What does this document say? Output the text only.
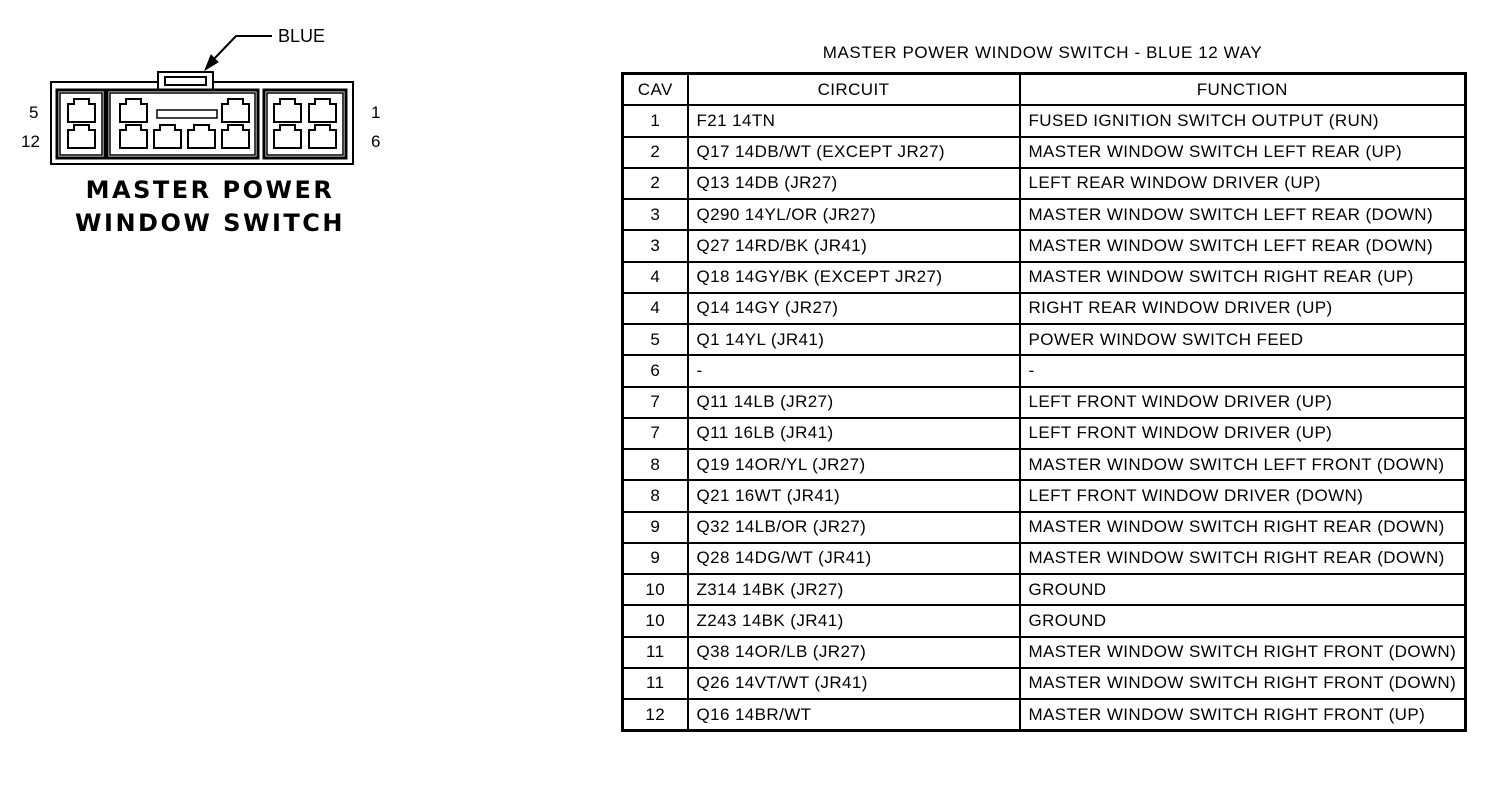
BLUE
5
12
1
6
MASTER POWER
WINDOW SWITCH
MASTER POWER WINDOW SWITCH - BLUE 12 WAY
CAV	CIRCUIT	FUNCTION
1	F21 14TN	FUSED IGNITION SWITCH OUTPUT (RUN)
2	Q17 14DB/WT (EXCEPT JR27)	MASTER WINDOW SWITCH LEFT REAR (UP)
2	Q13 14DB (JR27)	LEFT REAR WINDOW DRIVER (UP)
3	Q290 14YL/OR (JR27)	MASTER WINDOW SWITCH LEFT REAR (DOWN)
3	Q27 14RD/BK (JR41)	MASTER WINDOW SWITCH LEFT REAR (DOWN)
4	Q18 14GY/BK (EXCEPT JR27)	MASTER WINDOW SWITCH RIGHT REAR (UP)
4	Q14 14GY (JR27)	RIGHT REAR WINDOW DRIVER (UP)
5	Q1 14YL (JR41)	POWER WINDOW SWITCH FEED
6	-	-
7	Q11 14LB (JR27)	LEFT FRONT WINDOW DRIVER (UP)
7	Q11 16LB (JR41)	LEFT FRONT WINDOW DRIVER (UP)
8	Q19 14OR/YL (JR27)	MASTER WINDOW SWITCH LEFT FRONT (DOWN)
8	Q21 16WT (JR41)	LEFT FRONT WINDOW DRIVER (DOWN)
9	Q32 14LB/OR (JR27)	MASTER WINDOW SWITCH RIGHT REAR (DOWN)
9	Q28 14DG/WT (JR41)	MASTER WINDOW SWITCH RIGHT REAR (DOWN)
10	Z314 14BK (JR27)	GROUND
10	Z243 14BK (JR41)	GROUND
11	Q38 14OR/LB (JR27)	MASTER WINDOW SWITCH RIGHT FRONT (DOWN)
11	Q26 14VT/WT (JR41)	MASTER WINDOW SWITCH RIGHT FRONT (DOWN)
12	Q16 14BR/WT	MASTER WINDOW SWITCH RIGHT FRONT (UP)
